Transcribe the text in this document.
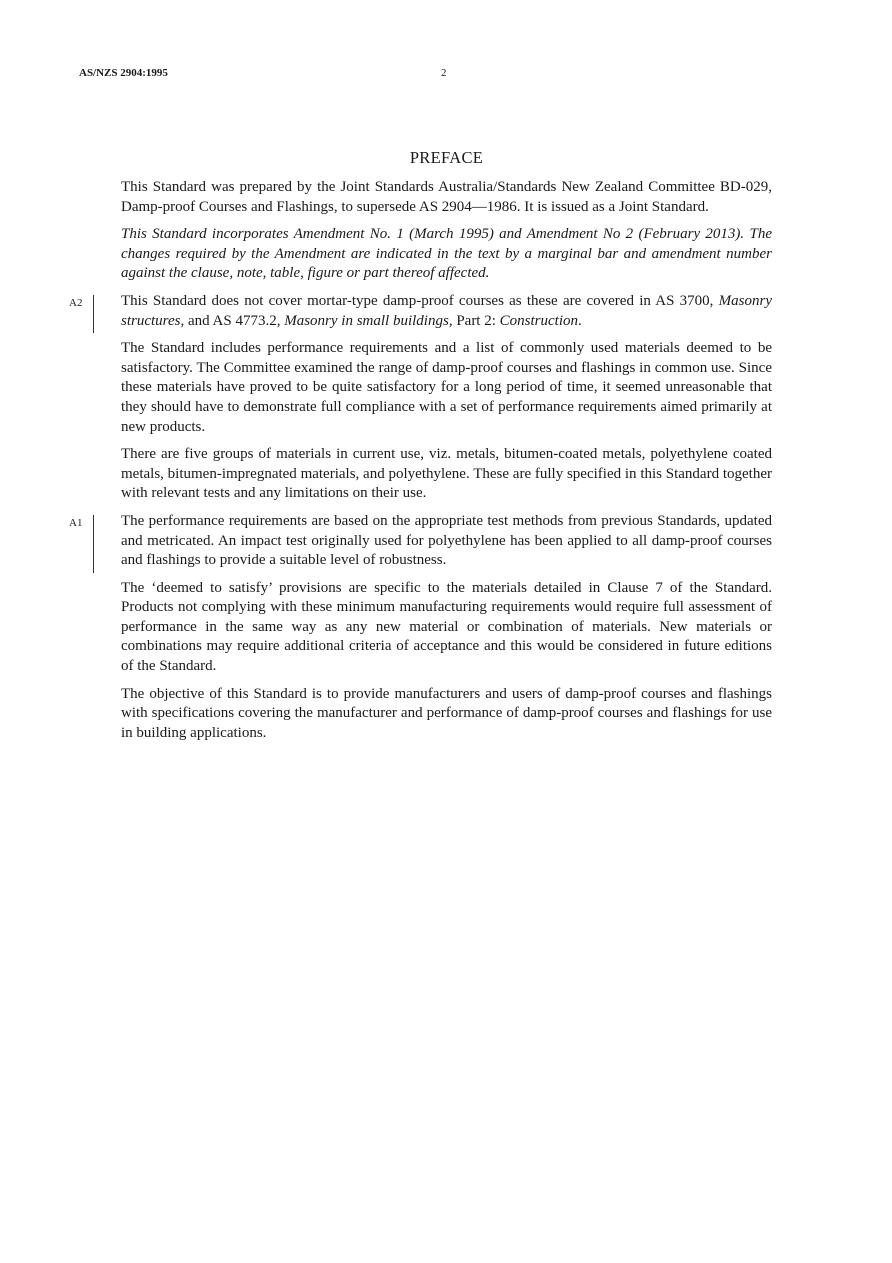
AS/NZS 2904:1995	2
PREFACE

This Standard was prepared by the Joint Standards Australia/Standards New Zealand Committee BD-029, Damp-proof Courses and Flashings, to supersede AS 2904—1986. It is issued as a Joint Standard.

This Standard incorporates Amendment No. 1 (March 1995) and Amendment No 2 (February 2013). The changes required by the Amendment are indicated in the text by a marginal bar and amendment number against the clause, note, table, figure or part thereof affected.

A2	This Standard does not cover mortar-type damp-proof courses as these are covered in AS 3700, Masonry structures, and AS 4773.2, Masonry in small buildings, Part 2: Construction.

The Standard includes performance requirements and a list of commonly used materials deemed to be satisfactory. The Committee examined the range of damp-proof courses and flashings in common use. Since these materials have proved to be quite satisfactory for a long period of time, it seemed unreasonable that they should have to demonstrate full compliance with a set of performance requirements aimed primarily at new products.

There are five groups of materials in current use, viz. metals, bitumen-coated metals, polyethylene coated metals, bitumen-impregnated materials, and polyethylene. These are fully specified in this Standard together with relevant tests and any limitations on their use.

A1	The performance requirements are based on the appropriate test methods from previous Standards, updated and metricated. An impact test originally used for polyethylene has been applied to all damp-proof courses and flashings to provide a suitable level of robustness.

The ‘deemed to satisfy’ provisions are specific to the materials detailed in Clause 7 of the Standard. Products not complying with these minimum manufacturing requirements would require full assessment of performance in the same way as any new material or combination of materials. New materials or combinations may require additional criteria of acceptance and this would be considered in future editions of the Standard.

The objective of this Standard is to provide manufacturers and users of damp-proof courses and flashings with specifications covering the manufacturer and performance of damp-proof courses and flashings for use in building applications.
